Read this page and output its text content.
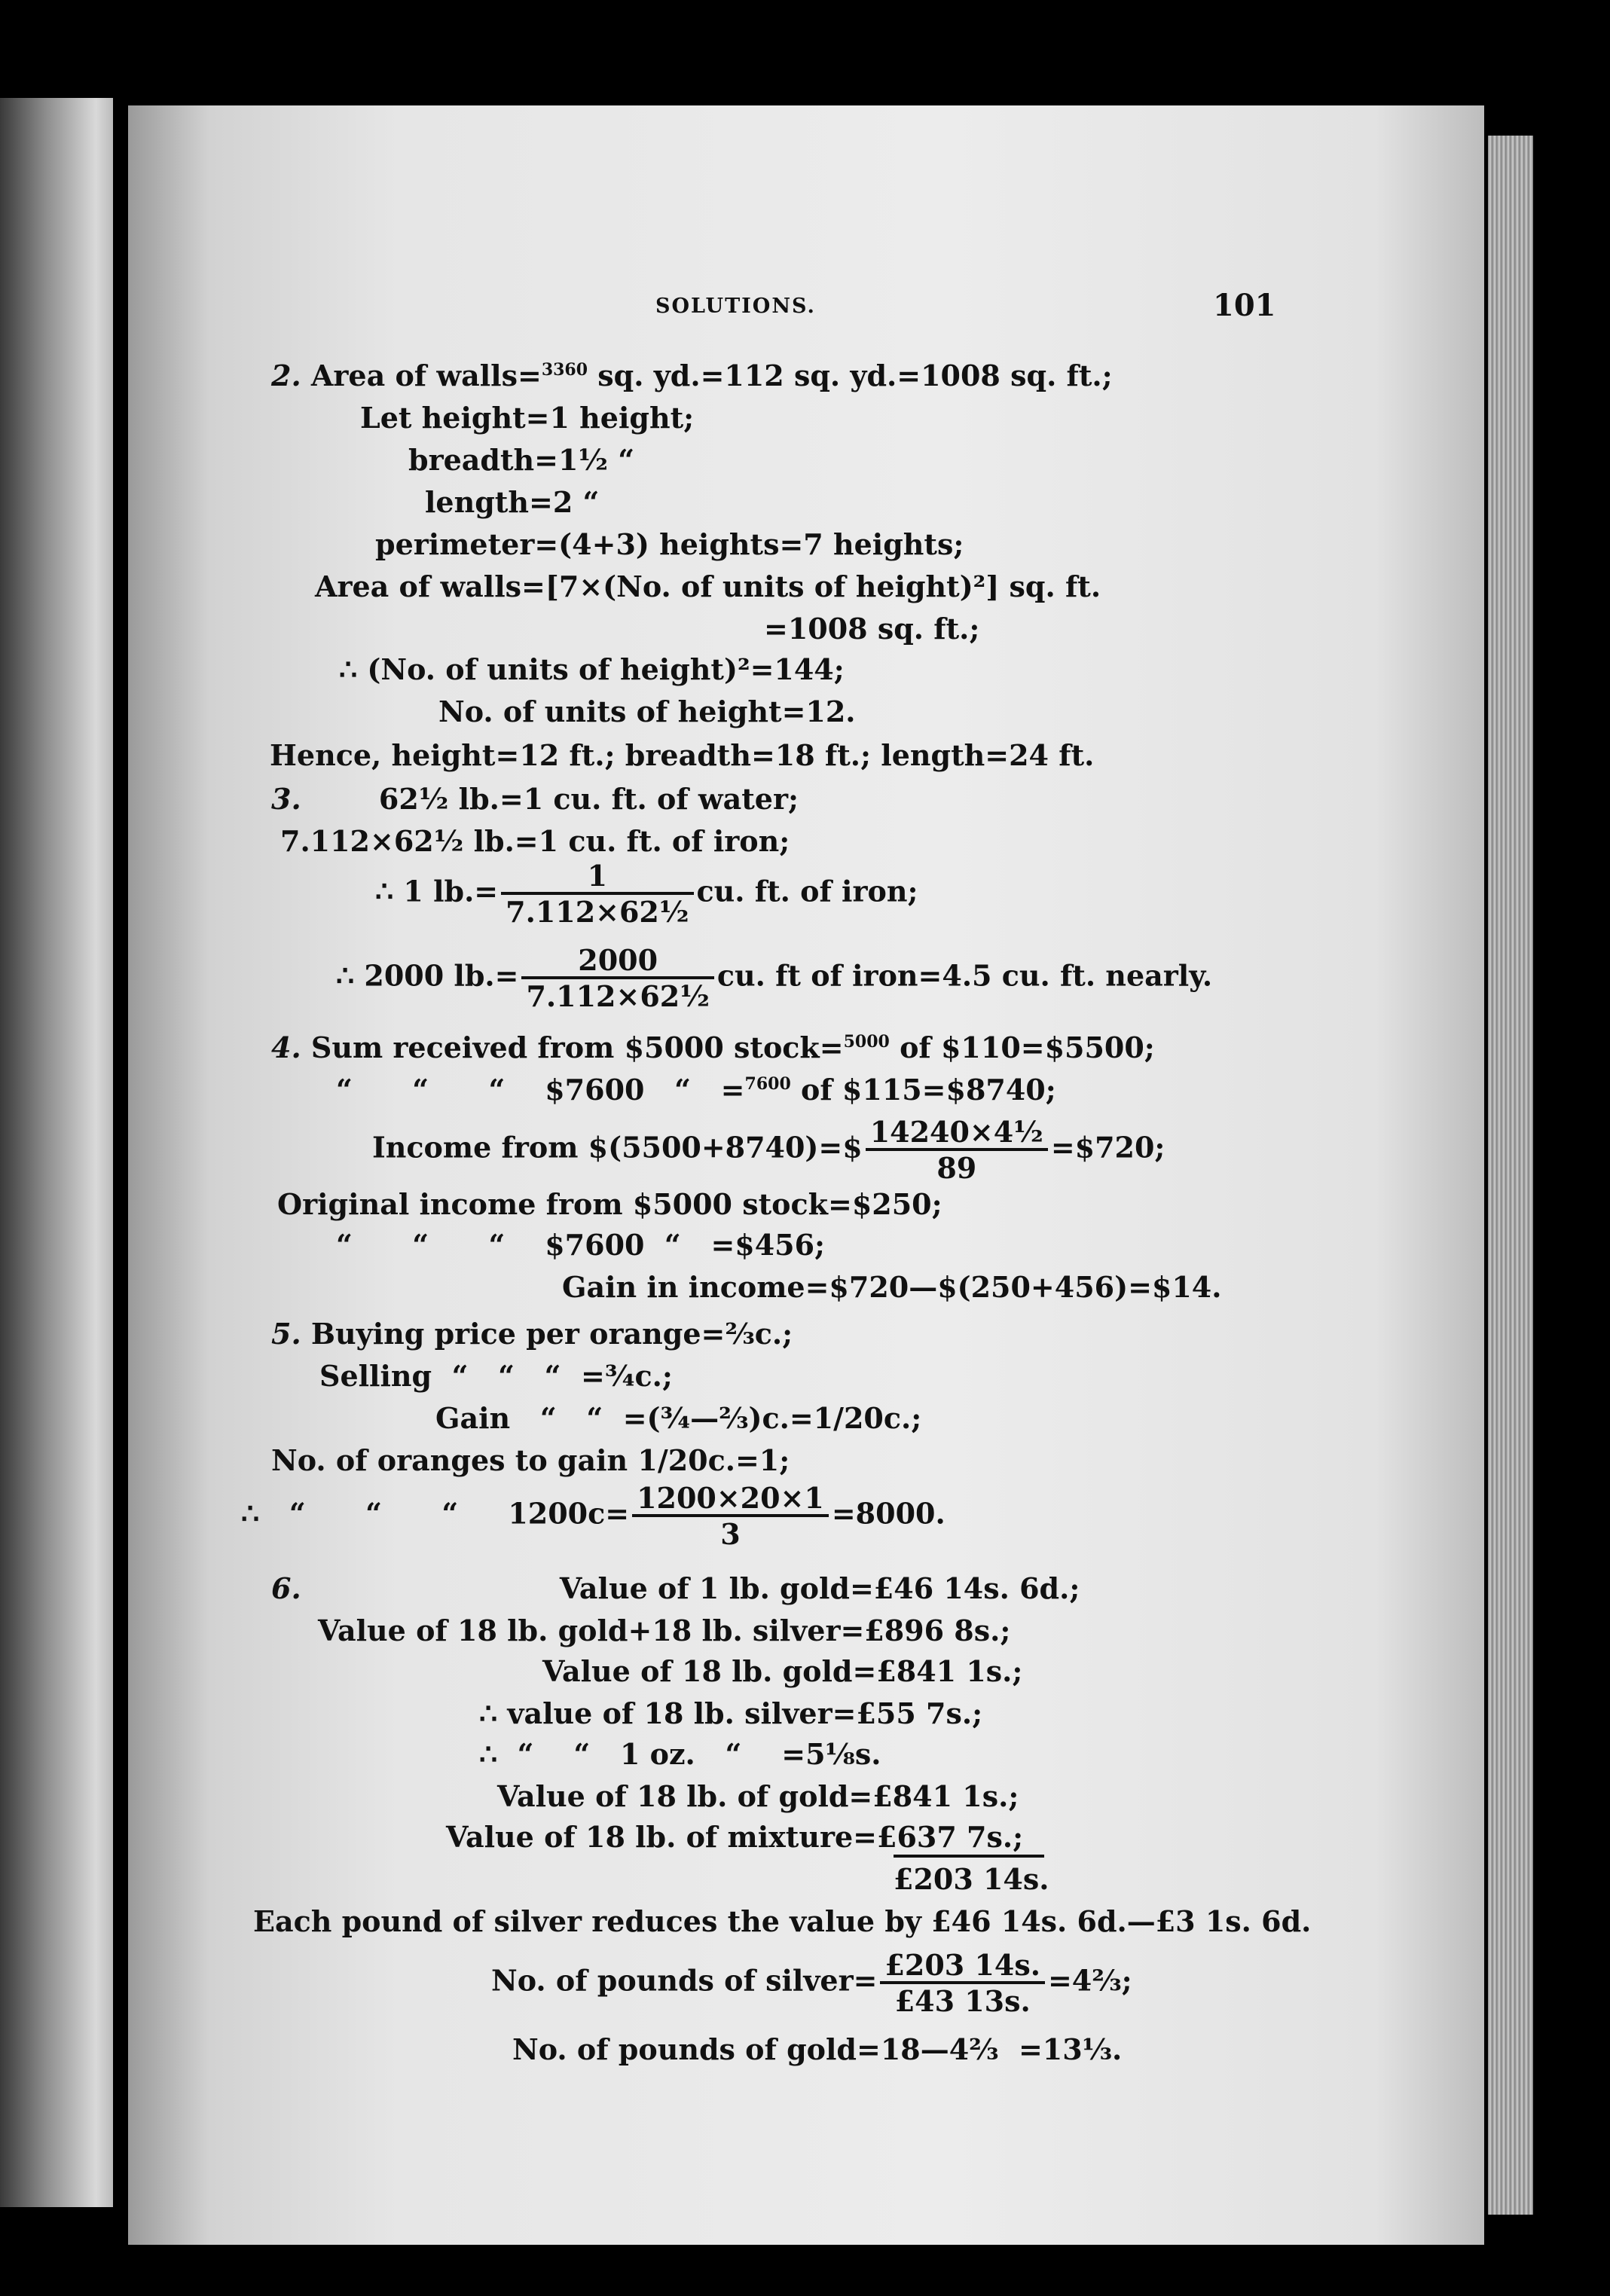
SOLUTIONS.	101
2. Area of walls=$^{3360}$ sq. yd.=112 sq. yd.=1008 sq. ft.;
Let height=1 height;
breadth=1½ “
length=2 “
perimeter=(4+3) heights=7 heights;
Area of walls=[7×(No. of units of height)²] sq. ft.
=1008 sq. ft.;
∴ (No. of units of height)²=144;
No. of units of height=12.
Hence, height=12 ft.; breadth=18 ft.; length=24 ft.
3.	62½ lb.=1 cu. ft. of water;
7.112×62½ lb.=1 cu. ft. of iron;
∴ 1 $lb.= \frac{1}{\text{7.112×62½}}$ cu. ft. of iron;
∴ 2000 $lb.= \frac{2000}{\text{7.112×62½}}$ cu. ft of iron=4.5 cu. ft. nearly.
4. Sum received from $5000 stock=$^{5000}$ of $110=$5500;
“      “      “    $7600   “   =$^{7600}$ of $115=$8740;
Income from $(5500+8740)=$ $\frac{\text{14240×4½}}{89}$ =$720;
Original income from $5000 stock=$250;
“      “      “    $7600  “   =$456;
Gain in income=$720—$(250+456)=$14.
5. Buying price per orange=⅔c.;
Selling  “   “   “  =¾c.;
Gain   “   “  =(¾—⅔)c.=1/20c.;
No. of oranges to gain 1/20c.=1;
∴   “      “      “     $1200c= \frac{1200\times 20\times 1}{3} =8000$.
6.	Value of 1 lb. gold=£46 14s. 6d.;
Value of 18 lb. gold+18 lb. silver=£896 8s.;
Value of 18 lb. gold=£841 1s.;
∴ value of 18 lb. silver=£55 7s.;
∴  “    “   1 oz.   “    =5⅛s.
Value of 18 lb. of gold=£841 1s.;
Value of 18 lb. of mixture=£637 7s.;
£203 14s.
Each pound of silver reduces the value by £46 14s. 6d.—£3 1s. 6d.
No. of pounds of silver= $\frac{£203 14s.}{£43 13s.}$ =4⅔;
No. of pounds of gold=18—4⅔  =13⅓.
